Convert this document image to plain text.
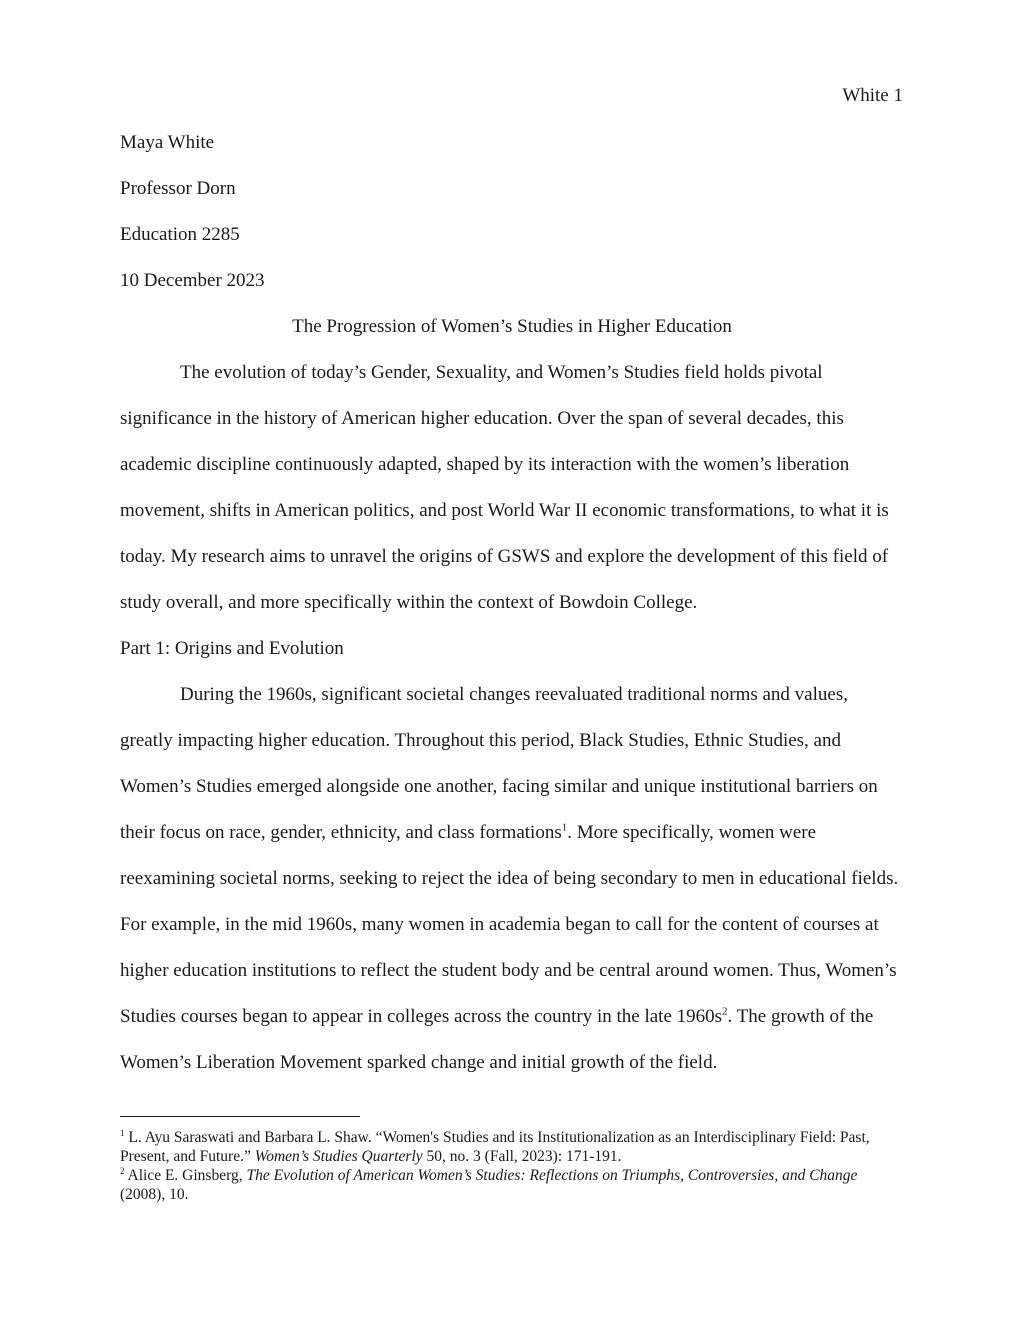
White 1

Maya White

Professor Dorn

Education 2285

10 December 2023

The Progression of Women’s Studies in Higher Education

The evolution of today’s Gender, Sexuality, and Women’s Studies field holds pivotal significance in the history of American higher education. Over the span of several decades, this academic discipline continuously adapted, shaped by its interaction with the women’s liberation movement, shifts in American politics, and post World War II economic transformations, to what it is today. My research aims to unravel the origins of GSWS and explore the development of this field of study overall, and more specifically within the context of Bowdoin College.

Part 1: Origins and Evolution

During the 1960s, significant societal changes reevaluated traditional norms and values, greatly impacting higher education. Throughout this period, Black Studies, Ethnic Studies, and Women’s Studies emerged alongside one another, facing similar and unique institutional barriers on their focus on race, gender, ethnicity, and class formations$^1$. More specifically, women were reexamining societal norms, seeking to reject the idea of being secondary to men in educational fields. For example, in the mid 1960s, many women in academia began to call for the content of courses at higher education institutions to reflect the student body and be central around women. Thus, Women’s Studies courses began to appear in colleges across the country in the late $1960s^2$. The growth of the Women’s Liberation Movement sparked change and initial growth of the field.

$^1$ L. Ayu Saraswati and Barbara L. Shaw. “Women's Studies and its Institutionalization as an Interdisciplinary Field: Past, Present, and Future.” Women’s Studies Quarterly 50, no. 3 (Fall, 2023): 171-191.

$^2$ Alice E. Ginsberg, The Evolution of American Women’s Studies: Reflections on Triumphs, Controversies, and Change (2008), 10.
